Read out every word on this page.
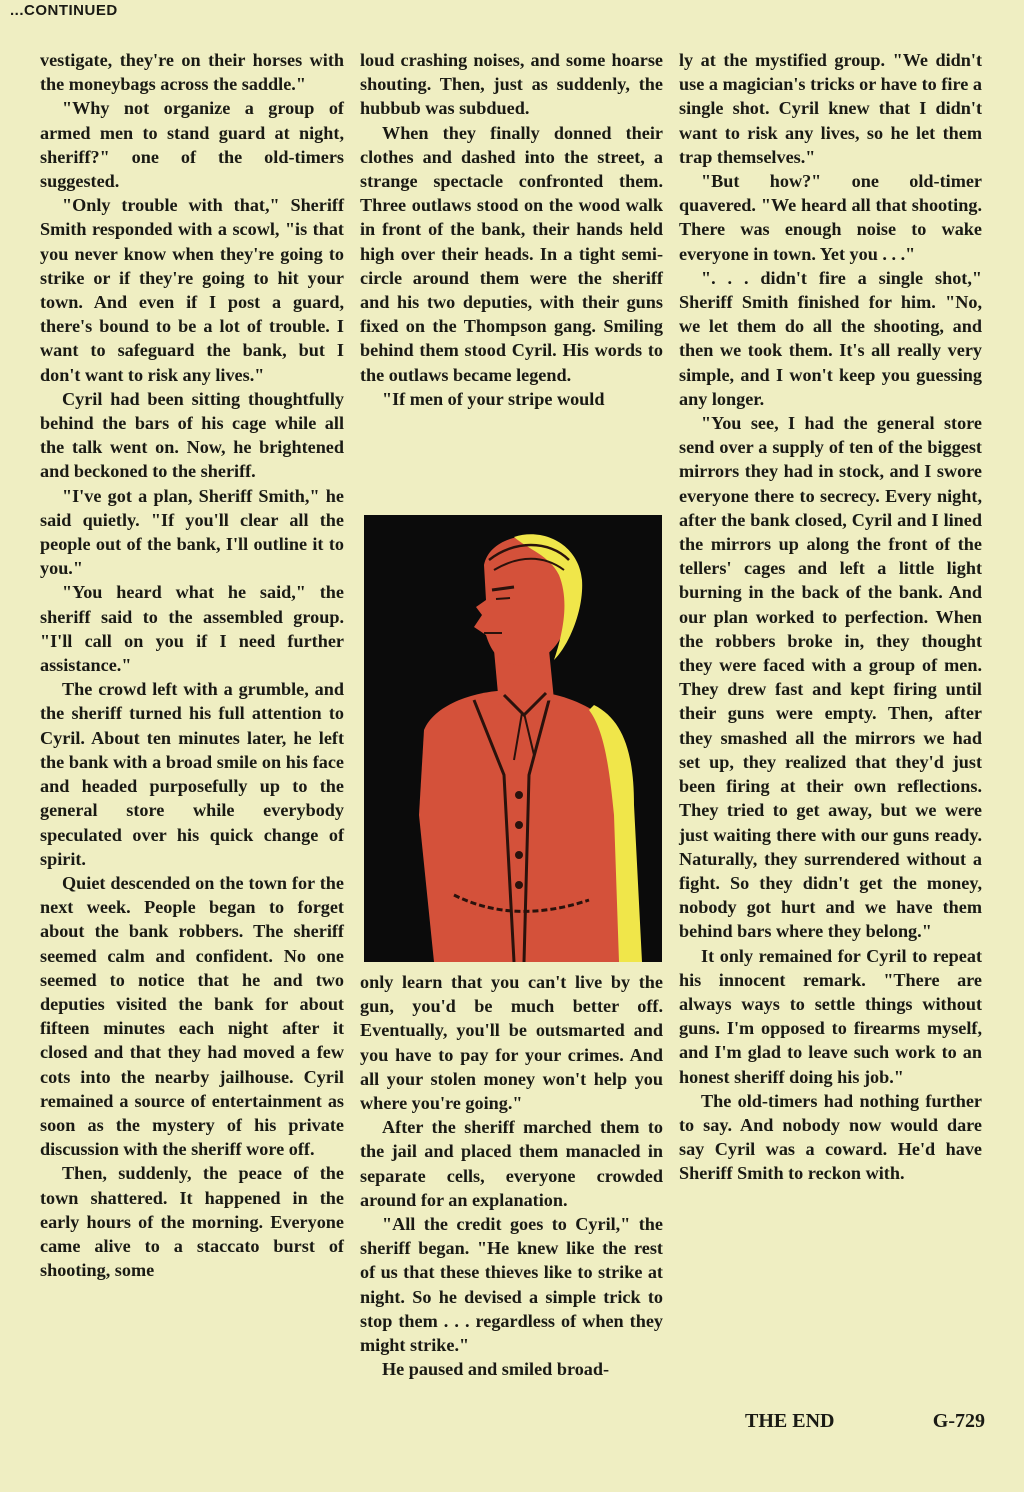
...CONTINUED

vestigate, they're on their horses with the moneybags across the saddle."

"Why not organize a group of armed men to stand guard at night, sheriff?" one of the old-timers suggested.

"Only trouble with that," Sheriff Smith responded with a scowl, "is that you never know when they're going to strike or if they're going to hit your town. And even if I post a guard, there's bound to be a lot of trouble. I want to safeguard the bank, but I don't want to risk any lives."

Cyril had been sitting thoughtfully behind the bars of his cage while all the talk went on. Now, he brightened and beckoned to the sheriff.

"I've got a plan, Sheriff Smith," he said quietly. "If you'll clear all the people out of the bank, I'll outline it to you."

"You heard what he said," the sheriff said to the assembled group. "I'll call on you if I need further assistance."

The crowd left with a grumble, and the sheriff turned his full attention to Cyril. About ten minutes later, he left the bank with a broad smile on his face and headed purposefully up to the general store while everybody speculated over his quick change of spirit.

Quiet descended on the town for the next week. People began to forget about the bank robbers. The sheriff seemed calm and confident. No one seemed to notice that he and two deputies visited the bank for about fifteen minutes each night after it closed and that they had moved a few cots into the nearby jailhouse. Cyril remained a source of entertainment as soon as the mystery of his private discussion with the sheriff wore off.

Then, suddenly, the peace of the town shattered. It happened in the early hours of the morning. Everyone came alive to a staccato burst of shooting, some

loud crashing noises, and some hoarse shouting. Then, just as suddenly, the hubbub was subdued.

When they finally donned their clothes and dashed into the street, a strange spectacle confronted them. Three outlaws stood on the wood walk in front of the bank, their hands held high over their heads. In a tight semi-circle around them were the sheriff and his two deputies, with their guns fixed on the Thompson gang. Smiling behind them stood Cyril. His words to the outlaws became legend.

"If men of your stripe would

only learn that you can't live by the gun, you'd be much better off. Eventually, you'll be outsmarted and you have to pay for your crimes. And all your stolen money won't help you where you're going."

After the sheriff marched them to the jail and placed them manacled in separate cells, everyone crowded around for an explanation.

"All the credit goes to Cyril," the sheriff began. "He knew like the rest of us that these thieves like to strike at night. So he devised a simple trick to stop them . . . regardless of when they might strike."

He paused and smiled broad-

ly at the mystified group. "We didn't use a magician's tricks or have to fire a single shot. Cyril knew that I didn't want to risk any lives, so he let them trap themselves."

"But how?" one old-timer quavered. "We heard all that shooting. There was enough noise to wake everyone in town. Yet you . . ."

". . . didn't fire a single shot," Sheriff Smith finished for him. "No, we let them do all the shooting, and then we took them. It's all really very simple, and I won't keep you guessing any longer.

"You see, I had the general store send over a supply of ten of the biggest mirrors they had in stock, and I swore everyone there to secrecy. Every night, after the bank closed, Cyril and I lined the mirrors up along the front of the tellers' cages and left a little light burning in the back of the bank. And our plan worked to perfection. When the robbers broke in, they thought they were faced with a group of men. They drew fast and kept firing until their guns were empty. Then, after they smashed all the mirrors we had set up, they realized that they'd just been firing at their own reflections. They tried to get away, but we were just waiting there with our guns ready. Naturally, they surrendered without a fight. So they didn't get the money, nobody got hurt and we have them behind bars where they belong."

It only remained for Cyril to repeat his innocent remark. "There are always ways to settle things without guns. I'm opposed to firearms myself, and I'm glad to leave such work to an honest sheriff doing his job."

The old-timers had nothing further to say. And nobody now would dare say Cyril was a coward. He'd have Sheriff Smith to reckon with.

THE END	G-729
